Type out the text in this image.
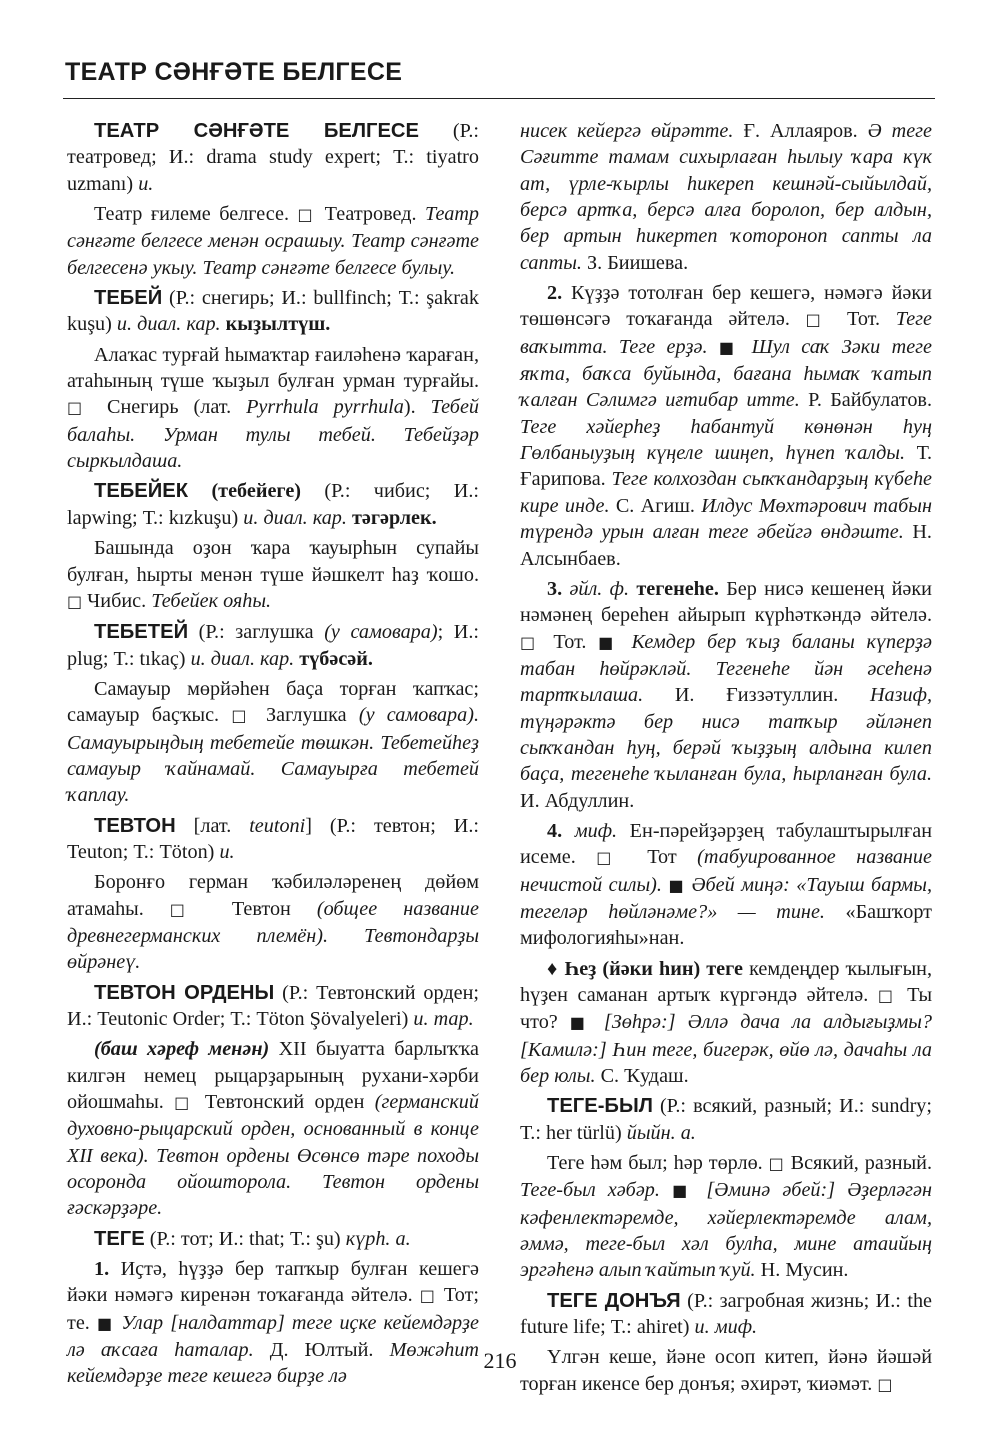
ТЕАТР СӘНҒӘТЕ БЕЛГЕСЕ

ТЕАТР СӘНҒӘТЕ БЕЛГЕСЕ (Р.: театровед; И.: drama study expert; Т.: tiyatro uzmanı) и.

Театр ғилеме белгесе. □ Театровед. Театр сәнғәте белгесе менән осрашыу. Театр сәнғәте белгесенә укыу. Театр сәнғәте белгесе булыу.

ТЕБЕЙ (Р.: снегирь; И.: bullfinch; Т.: şakrak kuşu) и. диал. кар. кыҙылтүш.

Алаҡас турғай һымаҡтар ғаиләһенә ҡараған, атаһының түше ҡыҙыл булған урман турғайы. □ Снегирь (лат. Pyrrhula pyrrhula). Тебей балаһы. Урман тулы тебей. Тебейҙәр сыркылдаша.

ТЕБЕЙЕК (тебейеге) (Р.: чибис; И.: lapwing; Т.: kızkuşu) и. диал. кар. тәгәрлек.

Башында оҙон ҡара ҡауырһын супайы булған, һырты менән түше йәшкелт һаҙ ҡошо. □ Чибис. Тебейек ояһы.

ТЕБЕТЕЙ (Р.: заглушка (у самовара); И.: plug; Т.: tıkaç) и. диал. кар. түбәсәй.

Самауыр мөрйәһен баҫа торған ҡапҡас; самауыр баҫҡыс. □ Заглушка (у самовара). Самауырыңдың тебетейе төшкән. Тебетейһеҙ самауыр ҡайнамай. Самауырға тебетей ҡаплау.

ТЕВТОН [лат. teutoni] (Р.: тевтон; И.: Teuton; Т.: Töton) и.

Боронғо герман ҡәбиләләренең дөйөм атамаһы. □ Тевтон (общее название древнегерманских племён). Тевтондарҙы өйрәнеү.

ТЕВТОН ОРДЕНЫ (Р.: Тевтонский орден; И.: Teutonic Order; Т.: Töton Şövalyeleri) и. тар.

(баш хәреф менән) XII быуатта барлыҡҡа килгән немец рыцарҙарының рухани-хәрби ойошмаһы. □ Тевтонский орден (германский духовно-рыцарский орден, основанный в конце XII века). Тевтон ордены Өсөнсө тәре походы осоронда ойошторола. Тевтон ордены ғәскәрҙәре.

ТЕГЕ (Р.: тот; И.: that; Т.: şu) күрһ. а.

1. Иҫтә, һүҙҙә бер тапҡыр булған кешегә йәки нәмәгә киренән тоҡағанда әйтелә. □ Тот; те. ■ Улар [налдаттар] теге иҫке кейемдәрҙе лә аҡсаға һаталар. Д. Юлтый. Мөжәһит кейемдәрҙе теге кешегә бирҙе лә

нисек кейергә өйрәтте. Ғ. Аллаяров. Ә теге Сәғитте тамам сихырлаған һылыу ҡара күк ат, үрле-ҡырлы һикереп кешнәй-сыйылдай, берсә артҡа, берсә алға боролоп, бер алдын, бер артын һикертеп ҡотороноп сапты ла сапты. З. Биишева.

2. Күҙҙә тотолған бер кешегә, нәмәгә йәки төшөнсәгә тоҡағанда әйтелә. □ Тот. Теге ваҡытта. Теге ерҙә. ■ Шул саҡ Зәки теге яҡта, баҡса буйында, бағана һымаҡ ҡатып ҡалған Сәлимгә иғтибар итте. Р. Байбулатов. Теге хәйерһеҙ һабантуй көнөнән һуң Гөлбаныуҙың күңеле шиңеп, һүнеп ҡалды. Т. Ғарипова. Теге колхоздан сыҡҡандарҙың күбеһе кире инде. С. Агиш. Илдус Мөхтәрович табын түрендә урын алған теге әбейгә өндәште. Н. Алсынбаев.

3. әйл. ф. тегенеһе. Бер нисә кешенең йәки нәмәнең береһен айырып күрһәткәндә әйтелә. □ Тот. ■ Кемдер бер ҡыҙ баланы күперҙә табан һөйрәкләй. Тегенеһе йән әсеһенә тартҡылаша. И. Ғиззәтуллин. Назиф, түңәрәктә бер нисә тапҡыр әйләнеп сыҡҡандан һуң, берәй ҡыҙҙың алдына килеп баҫа, тегенеһе ҡыланған була, һырланған була. И. Абдуллин.

4. миф. Ен-пәрейҙәрҙең табулаштырылған исеме. □ Тот (табуированное название нечистой силы). ■ Әбей миңә: «Тауыш бармы, тегеләр һөйләнәме?» — тине. «Башҡорт мифологияһы»нан.

♦ Һеҙ (йәки һин) теге кемдеңдер ҡылығын, һүҙен саманан артыҡ күргәндә әйтелә. □ Ты что? ■ [Зөһрә:] Әллә дача ла алдығыҙмы? [Камилә:] Һин теге, бигерәк, өйө лә, дачаһы ла бер юлы. С. Ҡудаш.

ТЕГЕ-БЫЛ (Р.: всякий, разный; И.: sundry; Т.: her türlü) йыйн. а.

Теге һәм был; һәр төрлө. □ Всякий, разный. Теге-был хәбәр. ■ [Әминә әбей:] Әҙерләгән кәфенлектәремде, хәйерлектәремде алам, әммә, теге-был хәл булһа, мине атаийың эргәһенә алып ҡайтып ҡуй. Н. Мусин.

ТЕГЕ ДОНЪЯ (Р.: загробная жизнь; И.: the future life; Т.: ahiret) и. миф.

Үлгән кеше, йәне осоп китеп, йәнә йәшәй торған икенсе бер донъя; әхирәт, ҡиәмәт. □

216
